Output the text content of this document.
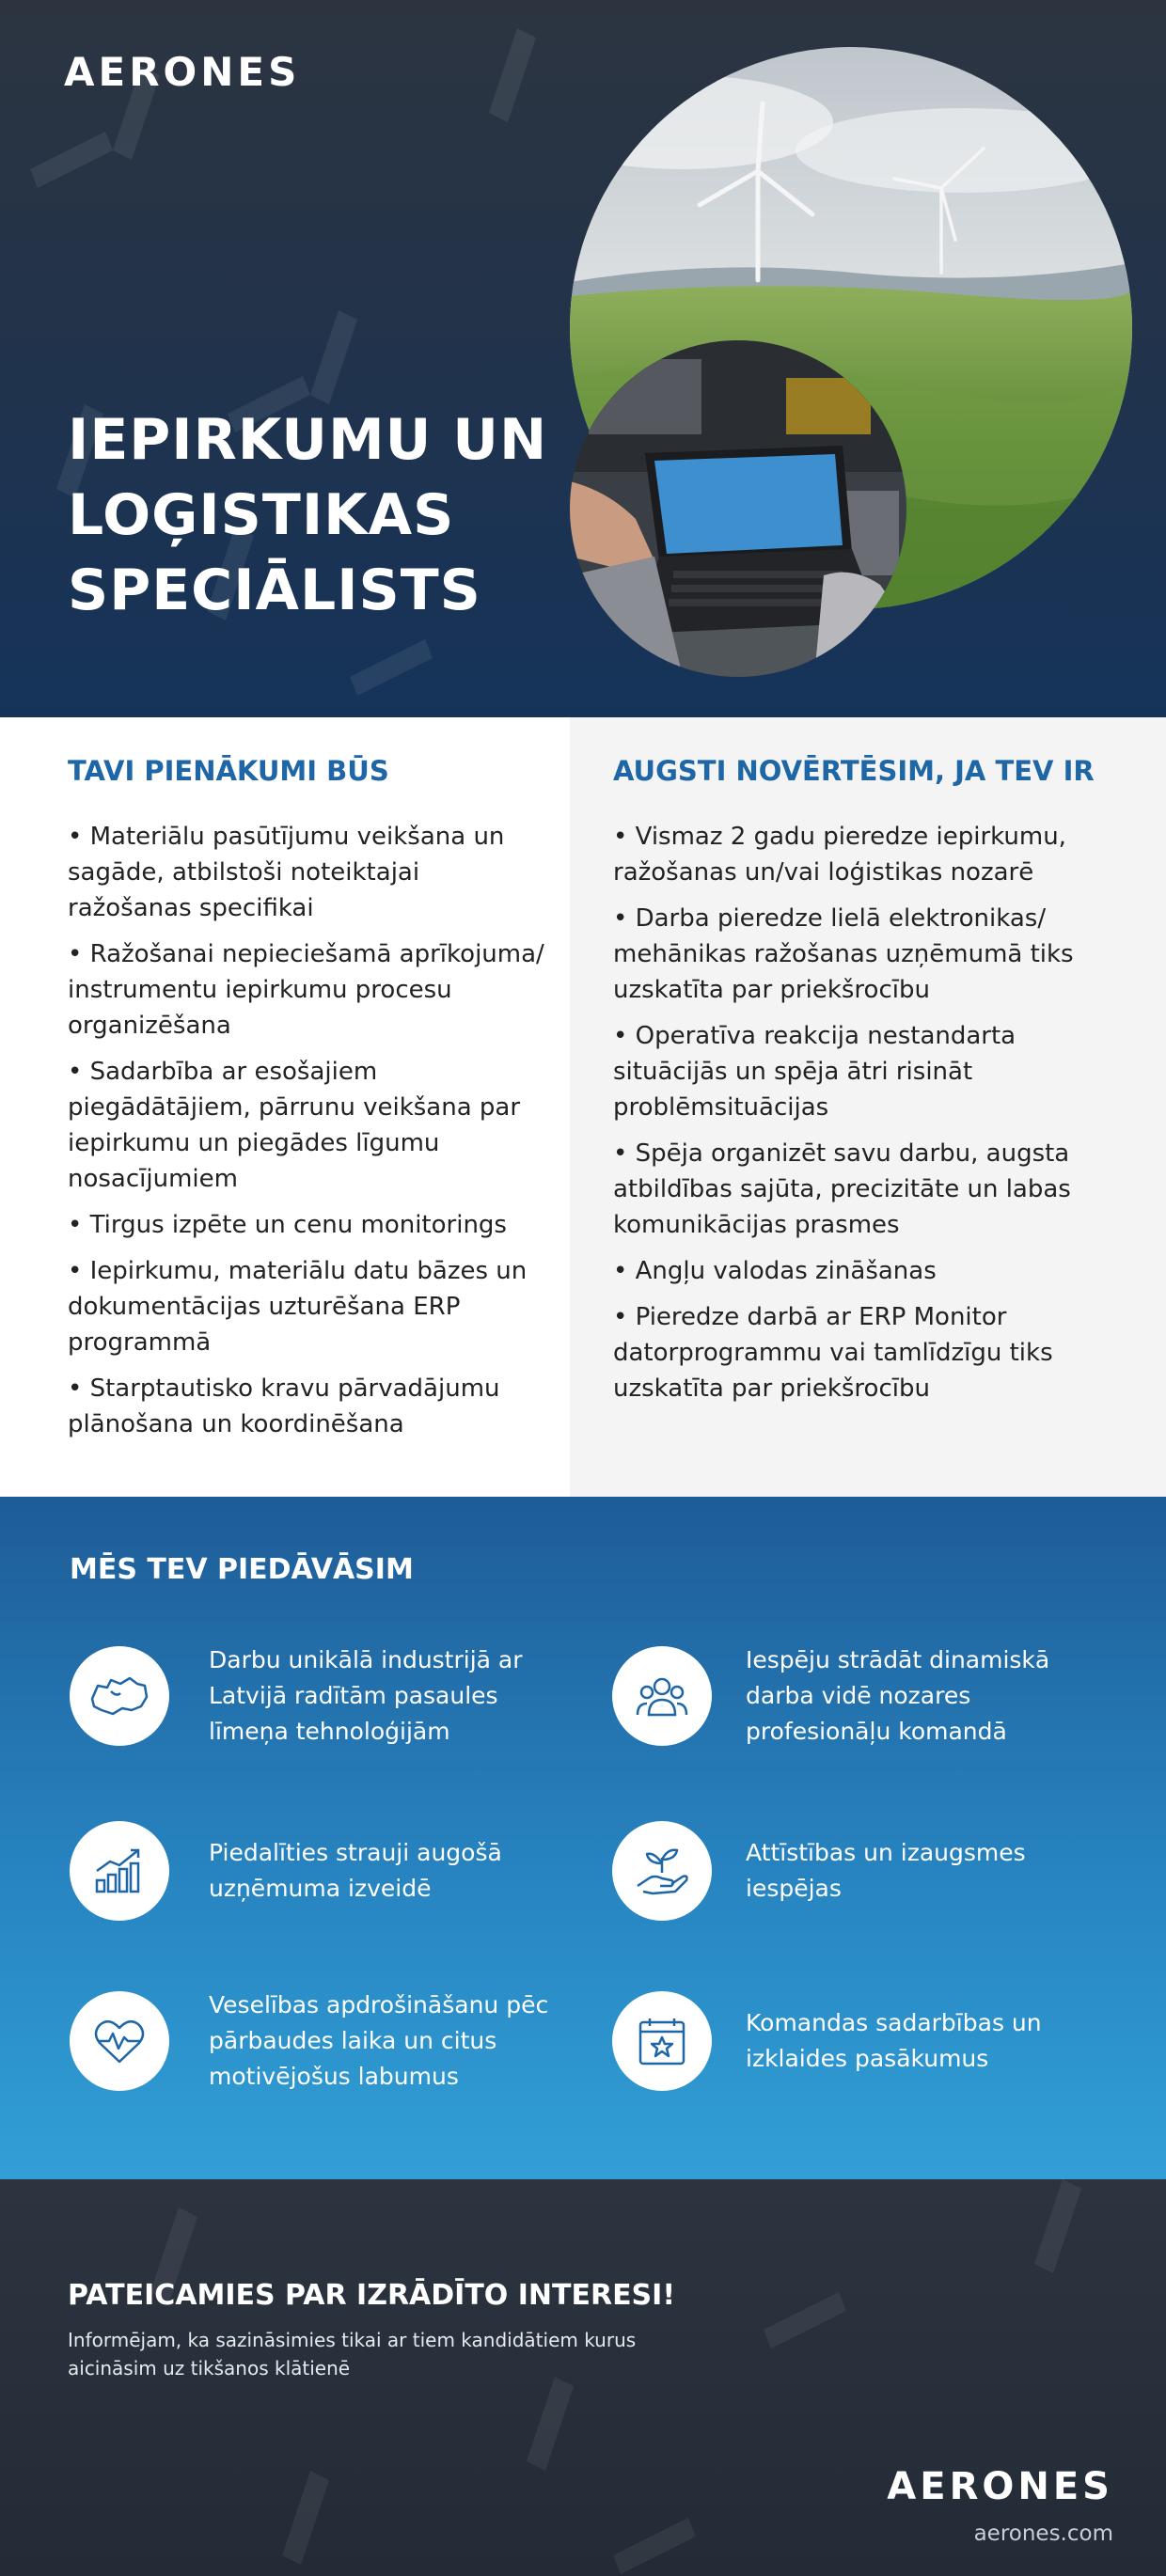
AERONES
IEPIRKUMU UN
LOĢISTIKAS
SPECIĀLISTS
TAVI PIENĀKUMI BŪS
• Materiālu pasūtījumu veikšana un sagāde, atbilstoši noteiktajai ražošanas specifikai
• Ražošanai nepieciešamā aprīkojuma/ instrumentu iepirkumu procesu organizēšana
• Sadarbība ar esošajiem piegādātājiem, pārrunu veikšana par iepirkumu un piegādes līgumu nosacījumiem
• Tirgus izpēte un cenu monitorings
• Iepirkumu, materiālu datu bāzes un dokumentācijas uzturēšana ERP programmā
• Starptautisko kravu pārvadājumu plānošana un koordinēšana
AUGSTI NOVĒRTĒSIM, JA TEV IR
• Vismaz 2 gadu pieredze iepirkumu, ražošanas un/vai loģistikas nozarē
• Darba pieredze lielā elektronikas/ mehānikas ražošanas uzņēmumā tiks uzskatīta par priekšrocību
• Operatīva reakcija nestandarta situācijās un spēja ātri risināt problēmsituācijas
• Spēja organizēt savu darbu, augsta atbildības sajūta, precizitāte un labas komunikācijas prasmes
• Angļu valodas zināšanas
• Pieredze darbā ar ERP Monitor datorprogrammu vai tamlīdzīgu tiks uzskatīta par priekšrocību
MĒS TEV PIEDĀVĀSIM
Darbu unikālā industrijā ar Latvijā radītām pasaules līmeņa tehnoloģijām
Iespēju strādāt dinamiskā darba vidē nozares profesionāļu komandā
Piedalīties strauji augošā uzņēmuma izveidē
Attīstības un izaugsmes iespējas
Veselības apdrošināšanu pēc pārbaudes laika un citus motivējošus labumus
Komandas sadarbības un izklaides pasākumus
PATEICAMIES PAR IZRĀDĪTO INTERESI!

Informējam, ka sazināsimies tikai ar tiem kandidātiem kurus aicināsim uz tikšanos klātienē

AERONES
aerones.com
